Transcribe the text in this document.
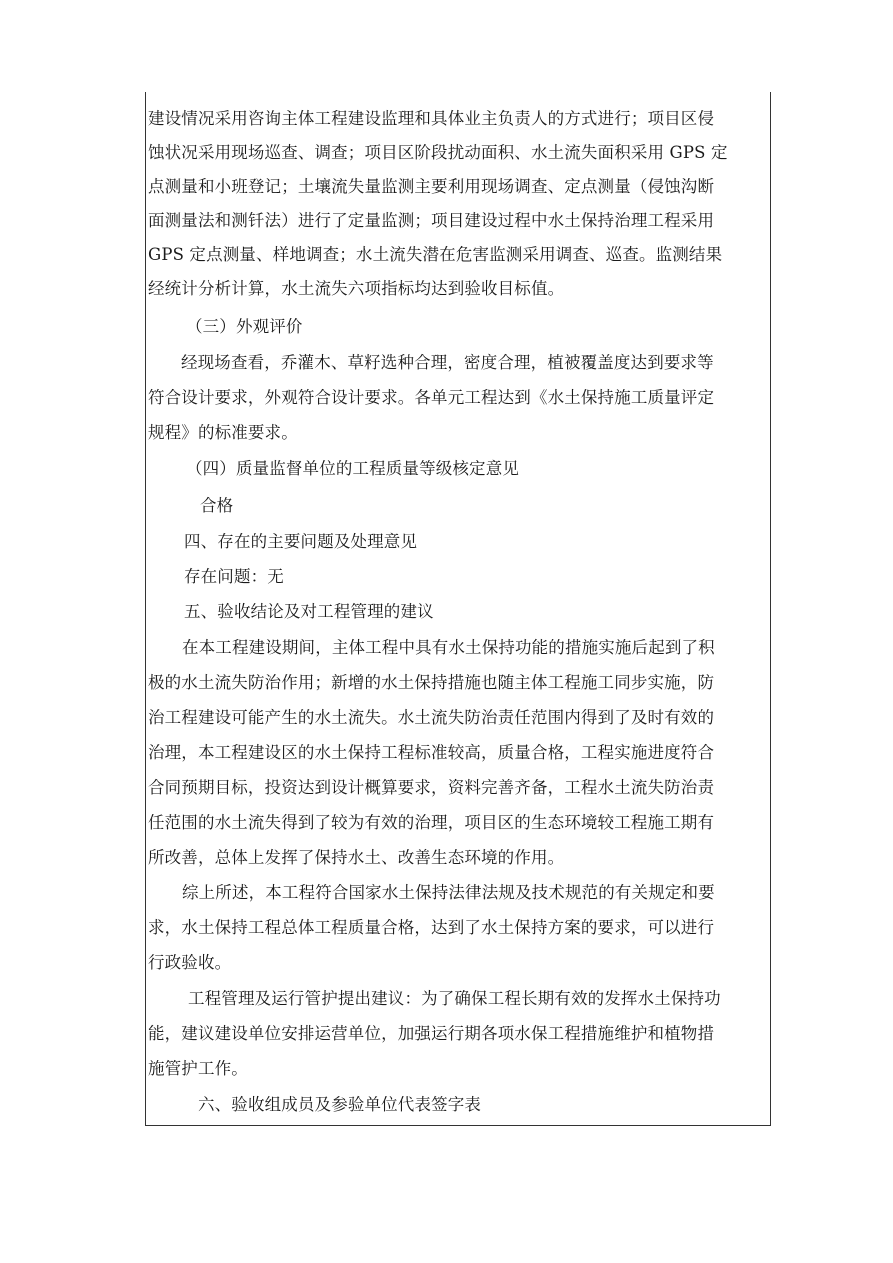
建设情况采用咨询主体工程建设监理和具体业主负责人的方式进行；项目区侵
蚀状况采用现场巡查、调查；项目区阶段扰动面积、水土流失面积采用 GPS 定
点测量和小班登记；土壤流失量监测主要利用现场调查、定点测量（侵蚀沟断
面测量法和测钎法）进行了定量监测；项目建设过程中水土保持治理工程采用
GPS 定点测量、样地调查；水土流失潜在危害监测采用调查、巡查。监测结果
经统计分析计算，水土流失六项指标均达到验收目标值。
（三）外观评价
经现场查看，乔灌木、草籽选种合理，密度合理，植被覆盖度达到要求等
符合设计要求，外观符合设计要求。各单元工程达到《水土保持施工质量评定
规程》的标准要求。
（四）质量监督单位的工程质量等级核定意见
合格
四、存在的主要问题及处理意见
存在问题：无
五、验收结论及对工程管理的建议
在本工程建设期间，主体工程中具有水土保持功能的措施实施后起到了积
极的水土流失防治作用；新增的水土保持措施也随主体工程施工同步实施，防
治工程建设可能产生的水土流失。水土流失防治责任范围内得到了及时有效的
治理，本工程建设区的水土保持工程标准较高，质量合格，工程实施进度符合
合同预期目标，投资达到设计概算要求，资料完善齐备，工程水土流失防治责
任范围的水土流失得到了较为有效的治理，项目区的生态环境较工程施工期有
所改善，总体上发挥了保持水土、改善生态环境的作用。
综上所述，本工程符合国家水土保持法律法规及技术规范的有关规定和要
求，水土保持工程总体工程质量合格，达到了水土保持方案的要求，可以进行
行政验收。
工程管理及运行管护提出建议：为了确保工程长期有效的发挥水土保持功
能，建议建设单位安排运营单位，加强运行期各项水保工程措施维护和植物措
施管护工作。
六、验收组成员及参验单位代表签字表
